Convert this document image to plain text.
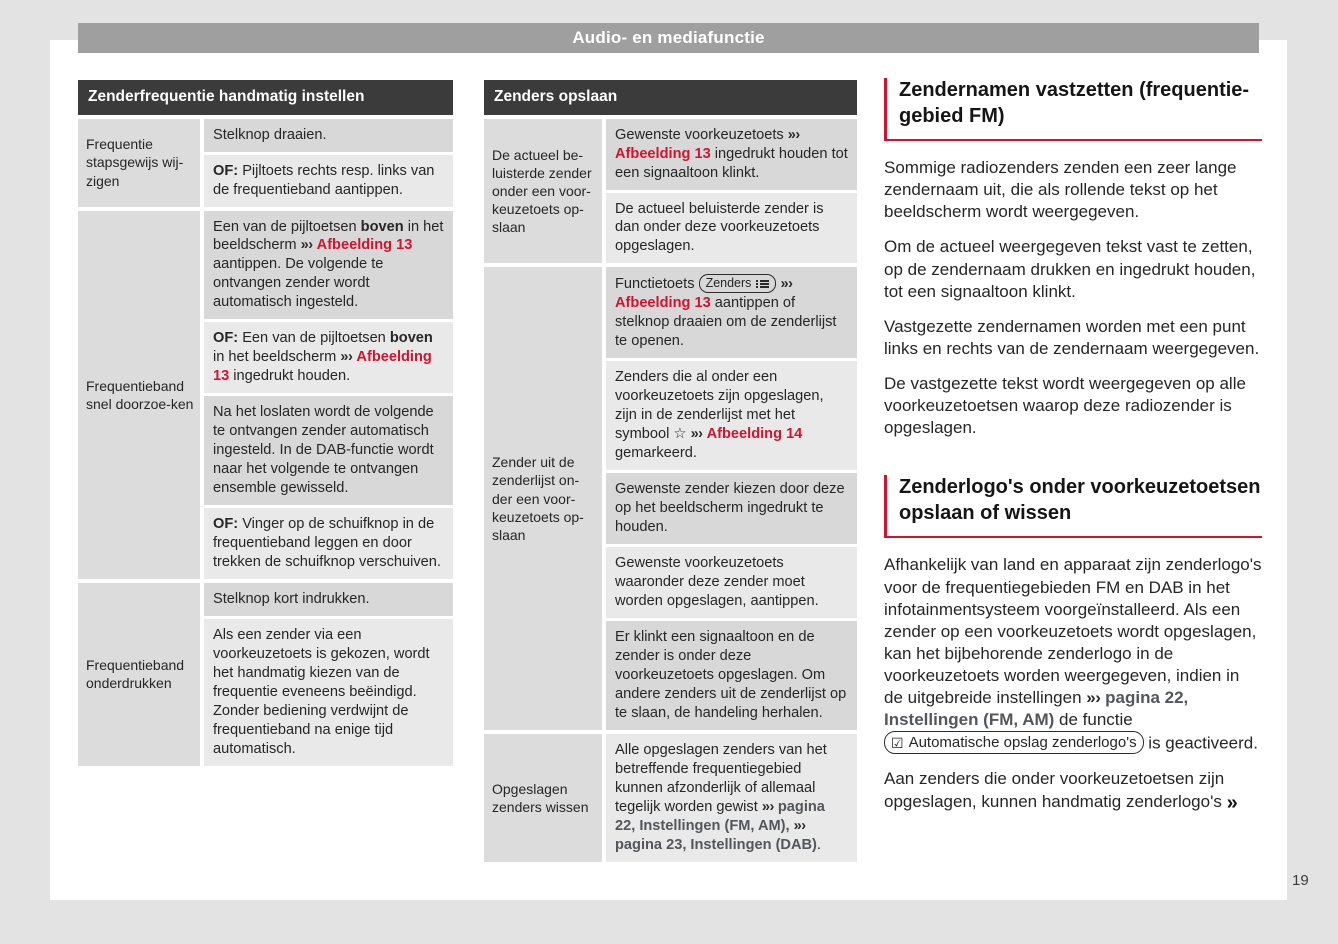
Audio- en mediafunctie
Zenderfrequentie handmatig instellen
Frequentie stapsgewijs wij-zigen
Stelknop draaien.
OF: Pijltoets rechts resp. links van de frequentieband aantippen.
Frequentieband snel doorzoe-ken
Een van de pijltoetsen boven in het beeldscherm »› Afbeelding 13 aantippen. De volgende te ontvangen zender wordt automatisch ingesteld.
OF: Een van de pijltoetsen boven in het beeldscherm »› Afbeelding 13 ingedrukt houden.
Na het loslaten wordt de volgende te ontvangen zender automatisch ingesteld. In de DAB-functie wordt naar het volgende te ontvangen ensemble gewisseld.
OF: Vinger op de schuifknop in de frequentieband leggen en door trekken de schuifknop verschuiven.
Frequentieband onderdrukken
Stelknop kort indrukken.
Als een zender via een voorkeuzetoets is gekozen, wordt het handmatig kiezen van de frequentie eveneens beëindigd. Zonder bediening verdwijnt de frequentieband na enige tijd automatisch.
Zenders opslaan
De actueel be-luisterde zender onder een voor-keuzetoets op-slaan
Gewenste voorkeuzetoets »› Afbeelding 13 ingedrukt houden tot een signaaltoon klinkt.
De actueel beluisterde zender is dan onder deze voorkeuzetoets opgeslagen.
Zender uit de zenderlijst on-der een voor-keuzetoets op-slaan
Functietoets Zenders »› Afbeelding 13 aantippen of stelknop draaien om de zenderlijst te openen.
Zenders die al onder een voorkeuzetoets zijn opgeslagen, zijn in de zenderlijst met het symbool ☆ »› Afbeelding 14 gemarkeerd.
Gewenste zender kiezen door deze op het beeldscherm ingedrukt te houden.
Gewenste voorkeuzetoets waaronder deze zender moet worden opgeslagen, aantippen.
Er klinkt een signaaltoon en de zender is onder deze voorkeuzetoets opgeslagen. Om andere zenders uit de zenderlijst op te slaan, de handeling herhalen.
Opgeslagen zenders wissen
Alle opgeslagen zenders van het betreffende frequentiegebied kunnen afzonderlijk of allemaal tegelijk worden gewist »› pagina 22, Instellingen (FM, AM), »› pagina 23, Instellingen (DAB).
Zendernamen vastzetten (frequentie-gebied FM)

Sommige radiozenders zenden een zeer lange zendernaam uit, die als rollende tekst op het beeldscherm wordt weergegeven.

Om de actueel weergegeven tekst vast te zetten, op de zendernaam drukken en ingedrukt houden, tot een signaaltoon klinkt.

Vastgezette zendernamen worden met een punt links en rechts van de zendernaam weergegeven.

De vastgezette tekst wordt weergegeven op alle voorkeuzetoetsen waarop deze radiozender is opgeslagen.

Zenderlogo's onder voorkeuzetoetsen opslaan of wissen

Afhankelijk van land en apparaat zijn zenderlogo's voor de frequentiegebieden FM en DAB in het infotainmentsysteem voorgeïnstalleerd. Als een zender op een voorkeuzetoets wordt opgeslagen, kan het bijbehorende zenderlogo in de voorkeuzetoets worden weergegeven, indien in de uitgebreide instellingen »› pagina 22, Instellingen (FM, AM) de functie
☑ Automatische opslag zenderlogo's is geactiveerd.

Aan zenders die onder voorkeuzetoetsen zijn opgeslagen, kunnen handmatig zenderlogo's »

19
